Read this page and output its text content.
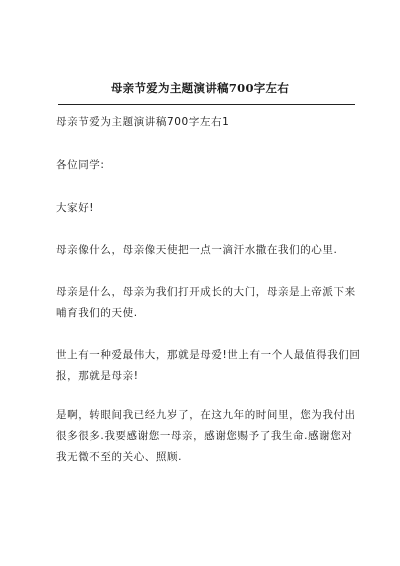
母亲节爱为主题演讲稿700字左右

母亲节爱为主题演讲稿700字左右1

各位同学:

大家好!

母亲像什么，母亲像天使把一点一滴汗水撒在我们的心里.

母亲是什么，母亲为我们打开成长的大门，母亲是上帝派下来哺育我们的天使.

世上有一种爱最伟大，那就是母爱!世上有一个人最值得我们回报，那就是母亲!

是啊，转眼间我已经九岁了，在这九年的时间里，您为我付出很多很多.我要感谢您一母亲，感谢您赐予了我生命.感谢您对我无微不至的关心、照顾.
